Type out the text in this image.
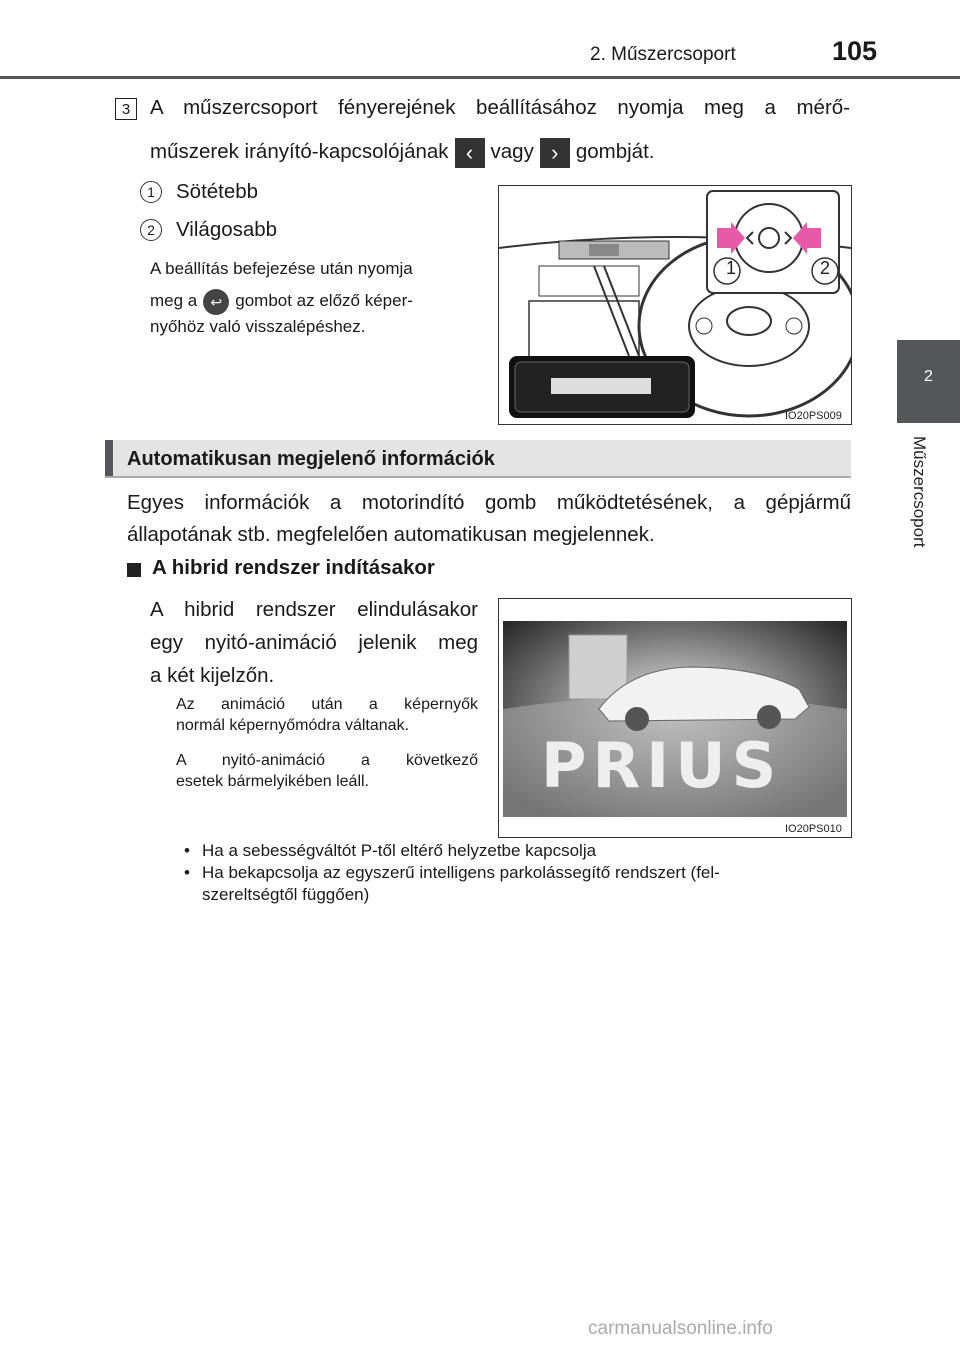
2. Műszercsoport	105
2
Műszercsoport
3 A műszercsoport fényerejének beállításához nyomja meg a mérő-
műszerek irányító-kapcsolójának ‹ vagy › gombját.
1	Sötétebb
2	Világosabb
A beállítás befejezése után nyomja
meg a ↩ gombot az előző képer-
nyőhöz való visszalépéshez.
1	2
IO20PS009
Automatikusan megjelenő információk
Egyes információk a motorindító gomb működtetésének, a gépjármű
állapotának stb. megfelelően automatikusan megjelennek.
A hibrid rendszer indításakor
A hibrid rendszer elindulásakor
egy nyitó-animáció jelenik meg
a két kijelzőn.
Az animáció után a képernyők
normál képernyőmódra váltanak.
A nyitó-animáció a következő
esetek bármelyikében leáll.	PRIUS
IO20PS010
• Ha a sebességváltót P-től eltérő helyzetbe kapcsolja
• Ha bekapcsolja az egyszerű intelligens parkolássegítő rendszert (fel-
szereltségtől függően)
carmanualsonline.info
